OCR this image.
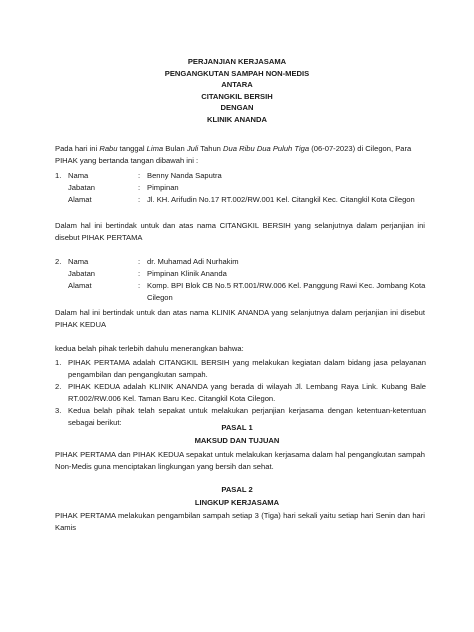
PERJANJIAN KERJASAMA
PENGANGKUTAN SAMPAH NON-MEDIS
ANTARA
CITANGKIL BERSIH
DENGAN
KLINIK ANANDA
Pada hari ini Rabu tanggal Lima Bulan Juli Tahun Dua Ribu Dua Puluh Tiga (06-07-2023) di Cilegon, Para
PIHAK yang bertanda tangan dibawah ini :
1. Nama	: Benny Nanda Saputra
Jabatan	: Pimpinan
Alamat	: Jl. KH. Arifudin No.17 RT.002/RW.001 Kel. Citangkil Kec. Citangkil Kota Cilegon
Dalam hal ini bertindak untuk dan atas nama CITANGKIL BERSIH yang selanjutnya dalam perjanjian ini disebut PIHAK PERTAMA
2. Nama	: dr. Muhamad Adi Nurhakim
Jabatan	: Pimpinan Klinik Ananda
Alamat	: Komp. BPI Blok CB No.5 RT.001/RW.006 Kel. Panggung Rawi Kec. Jombang Kota Cilegon
Dalam hal ini bertindak untuk dan atas nama KLINIK ANANDA yang selanjutnya dalam perjanjian ini disebut PIHAK KEDUA
kedua belah pihak terlebih dahulu menerangkan bahwa:
1. PIHAK PERTAMA adalah CITANGKIL BERSIH yang melakukan kegiatan dalam bidang jasa pelayanan pengambilan dan pengangkutan sampah.
2. PIHAK KEDUA adalah KLINIK ANANDA yang berada di wilayah Jl. Lembang Raya Link. Kubang Bale RT.002/RW.006 Kel. Taman Baru Kec. Citangkil Kota Cilegon.
3. Kedua belah pihak telah sepakat untuk melakukan perjanjian kerjasama dengan ketentuan-ketentuan sebagai berikut:
PASAL 1
MAKSUD DAN TUJUAN
PIHAK PERTAMA dan PIHAK KEDUA sepakat untuk melakukan kerjasama dalam hal pengangkutan sampah Non-Medis guna menciptakan lingkungan yang bersih dan sehat.
PASAL 2
LINGKUP KERJASAMA
PIHAK PERTAMA melakukan pengambilan sampah setiap 3 (Tiga) hari sekali yaitu setiap hari Senin dan hari Kamis
